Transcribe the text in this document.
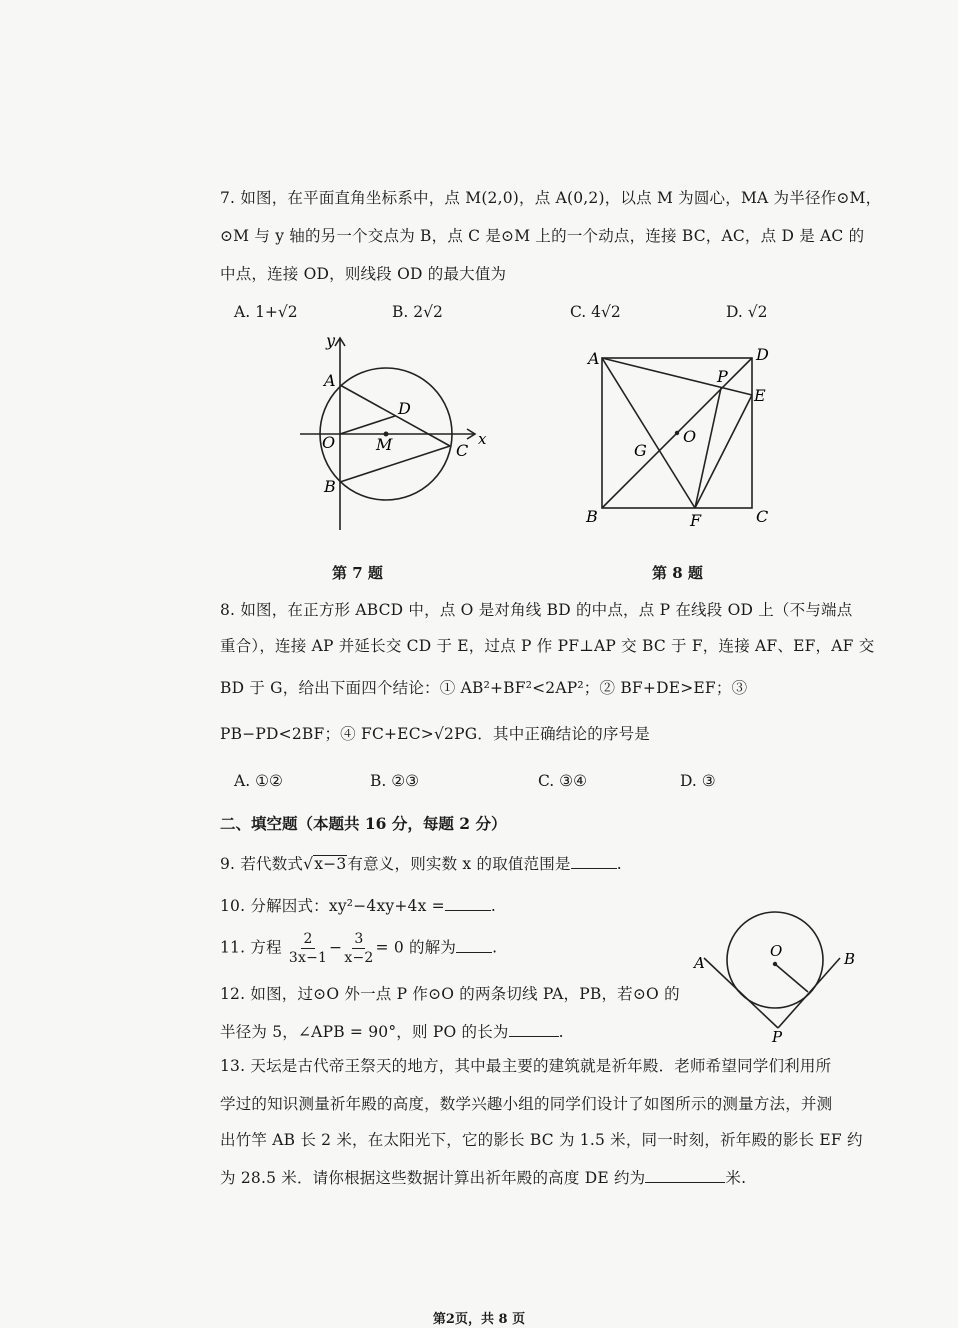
7. 如图，在平面直角坐标系中，点 M(2,0)，点 A(0,2)，以点 M 为圆心，MA 为半径作⊙M，
⊙M 与 y 轴的另一个交点为 B，点 C 是⊙M 上的一个动点，连接 BC，AC，点 D 是 AC 的
中点，连接 OD，则线段 OD 的最大值为
A. 1+√2	B. 2√2	C. 4√2	D. √2
y
x
A
D
O	M	C
B
A	D
P
E
G
O
B	F	C
第 7 题	第 8 题
8. 如图，在正方形 ABCD 中，点 O 是对角线 BD 的中点，点 P 在线段 OD 上（不与端点
重合），连接 AP 并延长交 CD 于 E，过点 P 作 PF⊥AP 交 BC 于 F，连接 AF、EF，AF 交
BD 于 G，给出下面四个结论：① AB²+BF²<2AP²；② BF+DE>EF；③
PB−PD<2BF；④ FC+EC>√2PG．其中正确结论的序号是
A. ①②	B. ②③	C. ③④	D. ③
二、填空题（本题共 16 分，每题 2 分）
9. 若代数式√x−3有意义，则实数 x 的取值范围是	.
10. 分解因式：xy²−4xy+4x =	.
11. 方程 $\frac{2}{3x-1} - \frac{3}{x-2} = 0$ 的解为 .
12. 如图，过⊙O 外一点 P 作⊙O 的两条切线 PA，PB，若⊙O 的
半径为 5，∠APB = 90°，则 PO 的长为	.
O
A	B
P
13. 天坛是古代帝王祭天的地方，其中最主要的建筑就是祈年殿．老师希望同学们利用所
学过的知识测量祈年殿的高度，数学兴趣小组的同学们设计了如图所示的测量方法，并测
出竹竿 AB 长 2 米，在太阳光下，它的影长 BC 为 1.5 米，同一时刻，祈年殿的影长 EF 约
为 28.5 米．请你根据这些数据计算出祈年殿的高度 DE 约为	米.
第2页，共 8 页
